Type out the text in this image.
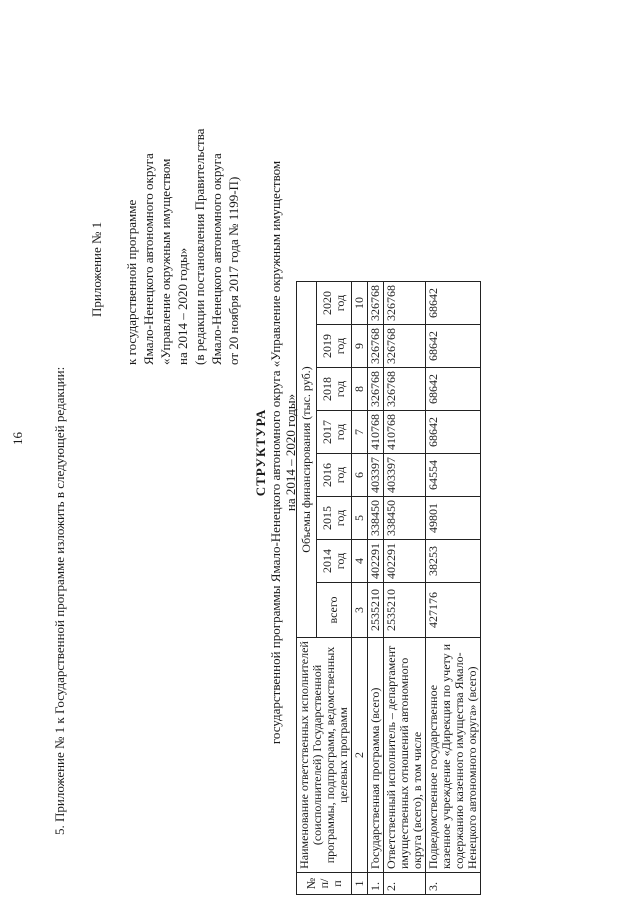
16 5. Приложение № 1 к Государственной программе изложить в следующей редакции:
Приложение № 1 к государственной программе Ямало-Ненецкого автономного округа «Управление окружным имуществом на 2014 – 2020 годы» (в редакции постановления Правительства Ямало-Ненецкого автономного округа от 20 ноября 2017 года № 1199-П)
СТРУКТУРА государственной программы Ямало-Ненецкого автономного округа «Управление окружным имуществом на 2014 – 2020 годы»
№ п/п	Наименование ответственных исполнителей (соисполнителей) Государственной программы, подпрограмм, ведомственных целевых программ	Объемы финансирования (тыс. руб.)							
		всего	2014 год	2015 год	2016 год	2017 год	2018 год	2019 год	2020 год
1	2	3	4	5	6	7	8	9	10
1.	Государственная программа (всего)	2535210	402291	338450	403397	410768	326768	326768	326768
2.	Ответственный исполнитель – департамент имущественных отношений автономного округа (всего), в том числе	2535210	402291	338450	403397	410768	326768	326768	326768
3.	Подведомственное государственное казенное учреждение «Дирекция по учету и содержанию казенного имущества Ямало-Ненецкого автономного округа» (всего)	427176	38253	49801	64554	68642	68642	68642	68642
